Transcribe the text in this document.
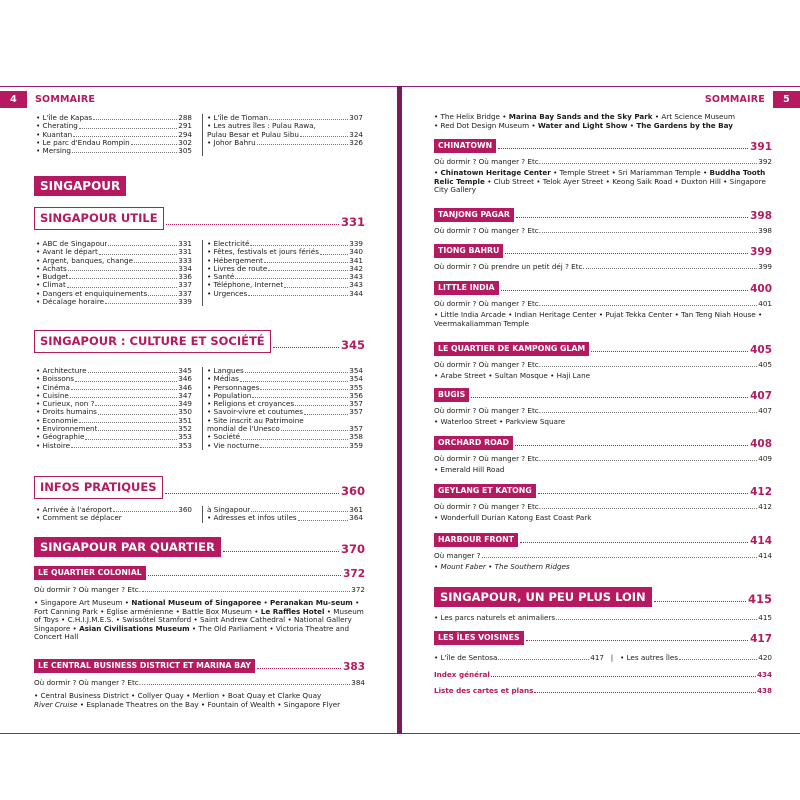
4	SOMMAIRE
• L'île de Kapas	288
• Cherating	291
• Kuantan	294
• Le parc d'Endau Rompin	302
• Mersing	305
• L'île de Tioman	307
• Les autres îles : Pulau Rawa,
Pulau Besar et Pulau Sibu	324
• Johor Bahru	326
SINGAPOUR
SINGAPOUR UTILE	331
• ABC de Singapour	331
• Avant le départ	331
• Argent, banques, change	333
• Achats	334
• Budget	336
• Climat	337
• Dangers et enquiquinements	337
• Décalage horaire	339
• Électricité	339
• Fêtes, festivals et jours fériés	340
• Hébergement	341
• Livres de route	342
• Santé	343
• Téléphone, Internet	343
• Urgences	344
SINGAPOUR : CULTURE ET SOCIÉTÉ	345
• Architecture	345
• Boissons	346
• Cinéma	346
• Cuisine	347
• Curieux, non ?	349
• Droits humains	350
• Économie	351
• Environnement	352
• Géographie	353
• Histoire	353
• Langues	354
• Médias	354
• Personnages	355
• Population	356
• Religions et croyances	357
• Savoir-vivre et coutumes	357
• Site inscrit au Patrimoine
mondial de l'Unesco	357
• Société	358
• Vie nocturne	359
INFOS PRATIQUES	360
• Arrivée à l'aéroport	360
• Comment se déplacer
à Singapour	361
• Adresses et infos utiles	364
SINGAPOUR PAR QUARTIER	370
LE QUARTIER COLONIAL	372
Où dormir ? Où manger ? Etc.	372
• Singapore Art Museum • National Museum of Singaporee • Peranakan Mu-seum • Fort Canning Park • Église arménienne • Battle Box Museum • Le Raffles Hotel • Museum of Toys • C.H.I.J.M.E.S. • Swissôtel Stamford • Saint Andrew Cathedral • National Gallery Singapore • Asian Civilisations Museum • The Old Parliament • Victoria Theatre and Concert Hall
LE CENTRAL BUSINESS DISTRICT ET MARINA BAY	383
Où dormir ? Où manger ? Etc…	384
• Central Business District • Collyer Quay • Merlion • Boat Quay et Clarke Quay
River Cruise • Esplanade Theatres on the Bay • Fountain of Wealth • Singapore Flyer
SOMMAIRE	5
• The Helix Bridge • Marina Bay Sands and the Sky Park • Art Science Museum
• Red Dot Design Museum • Water and Light Show • The Gardens by the Bay
CHINATOWN	391
Où dormir ? Où manger ? Etc.	392
• Chinatown Heritage Center • Temple Street • Sri Mariamman Temple • Buddha Tooth Relic Temple • Club Street • Telok Ayer Street • Keong Saik Road • Duxton Hill • Singapore City Gallery
TANJONG PAGAR	398
Où dormir ? Où manger ? Etc.	398
TIONG BAHRU	399
Où dormir ? Où prendre un petit déj ? Etc.	399
LITTLE INDIA	400
Où dormir ? Où manger ? Etc.	401
• Little India Arcade • Indian Heritage Center • Pujat Tekka Center • Tan Teng Niah House • Veermakaliamman Temple
LE QUARTIER DE KAMPONG GLAM	405
Où dormir ? Où manger ? Etc.	405
• Arabe Street • Sultan Mosque • Haji Lane
BUGIS	407
Où dormir ? Où manger ? Etc.	407
• Waterloo Street • Parkview Square
ORCHARD ROAD	408
Où dormir ? Où manger ? Etc.	409
• Emerald Hill Road
GEYLANG ET KATONG	412
Où dormir ? Où manger ? Etc.	412
• Wonderfull Durian Katong East Coast Park
HARBOUR FRONT	414
Où manger ?	414
• Mount Faber • The Southern Ridges
SINGAPOUR, UN PEU PLUS LOIN	415
• Les parcs naturels et animaliers	415
LES ÎLES VOISINES	417
• L'île de Sentosa	417 | • Les autres îles	420
Index général	434
Liste des cartes et plans	438
